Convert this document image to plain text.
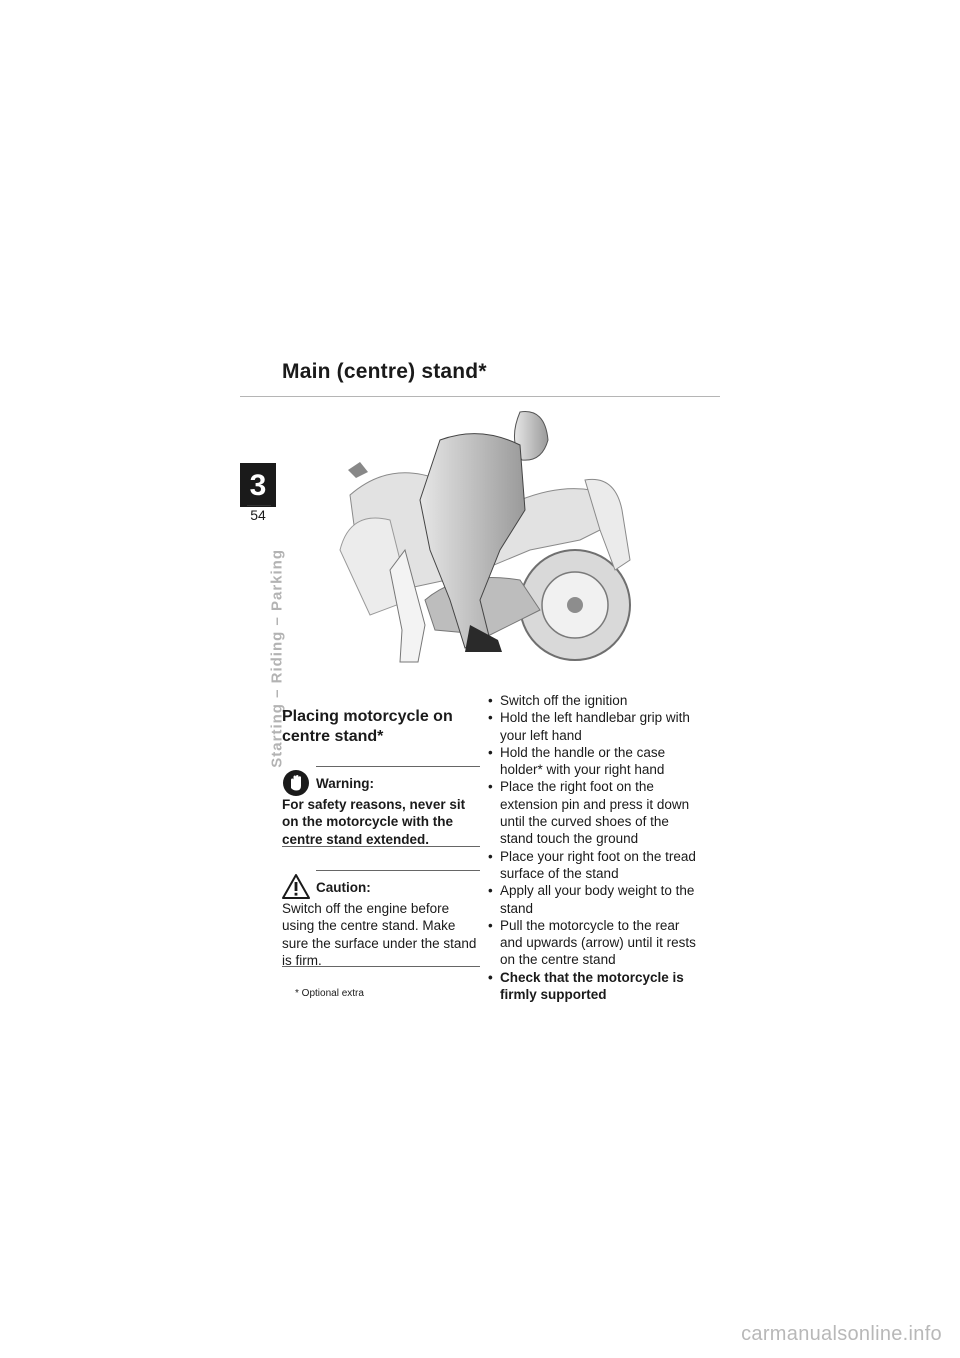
Main (centre) stand*
3
54
Starting – Riding – Parking
Placing motorcycle on centre stand*
Warning:
For safety reasons, never sit on the motorcycle with the centre stand extended.
Caution:
Switch off the engine before using the centre stand. Make sure the surface under the stand is firm.
* Optional extra
• Switch off the ignition
• Hold the left handlebar grip with your left hand
• Hold the handle or the case holder* with your right hand
• Place the right foot on the extension pin and press it down until the curved shoes of the stand touch the ground
• Place your right foot on the tread surface of the stand
• Apply all your body weight to the stand
• Pull the motorcycle to the rear and upwards (arrow) until it rests on the centre stand
• Check that the motorcycle is firmly supported
carmanualsonline.info
